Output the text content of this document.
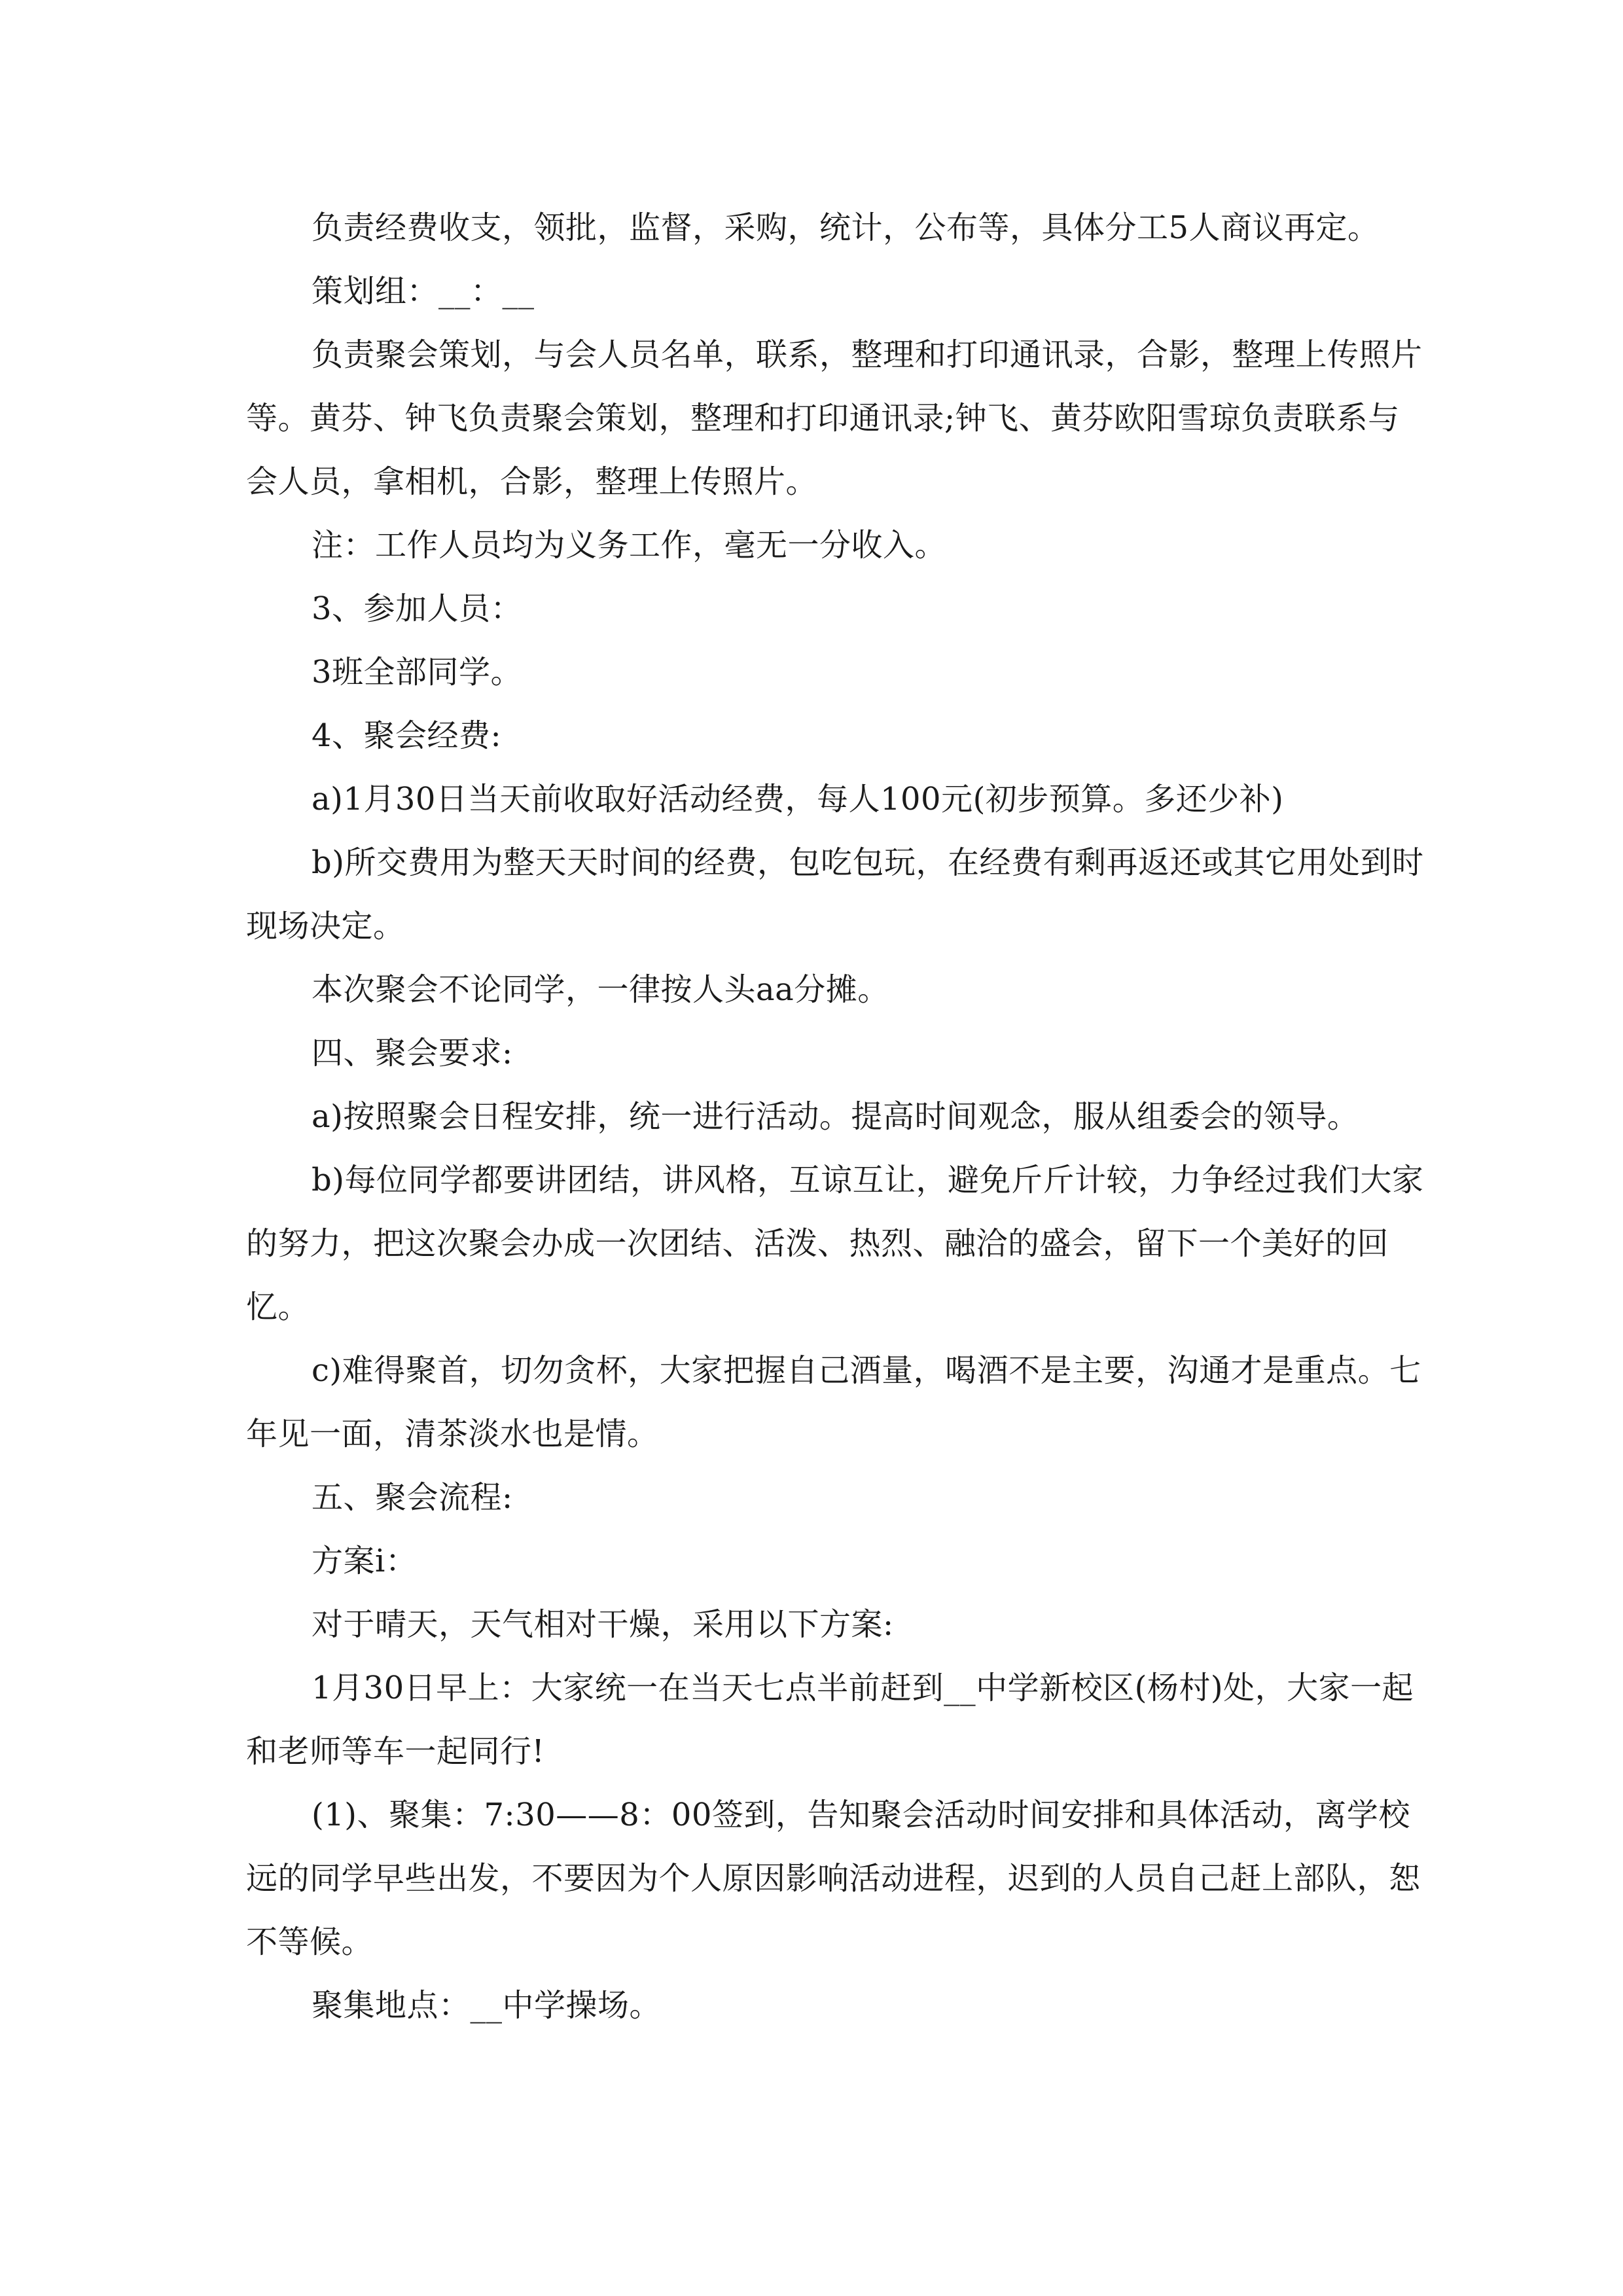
负责经费收支，领批，监督，采购，统计，公布等，具体分工5人商议再定。

策划组：__：__

负责聚会策划，与会人员名单，联系，整理和打印通讯录，合影，整理上传照片等。黄芬、钟飞负责聚会策划，整理和打印通讯录;钟飞、黄芬欧阳雪琼负责联系与会人员，拿相机，合影，整理上传照片。

注：工作人员均为义务工作，毫无一分收入。

3、参加人员：

3班全部同学。

4、聚会经费:

a)1月30日当天前收取好活动经费，每人100元(初步预算。多还少补)

b)所交费用为整天天时间的经费，包吃包玩，在经费有剩再返还或其它用处到时现场决定。

本次聚会不论同学，一律按人头aa分摊。

四、聚会要求:

a)按照聚会日程安排，统一进行活动。提高时间观念，服从组委会的领导。

b)每位同学都要讲团结，讲风格，互谅互让，避免斤斤计较，力争经过我们大家的努力，把这次聚会办成一次团结、活泼、热烈、融洽的盛会，留下一个美好的回忆。

c)难得聚首，切勿贪杯，大家把握自己酒量，喝酒不是主要，沟通才是重点。七年见一面，清茶淡水也是情。

五、聚会流程:

方案ⅰ：

对于晴天，天气相对干燥，采用以下方案:

1月30日早上：大家统一在当天七点半前赶到__中学新校区(杨村)处，大家一起和老师等车一起同行!

(1)、聚集：7:30——8：00签到，告知聚会活动时间安排和具体活动，离学校远的同学早些出发，不要因为个人原因影响活动进程，迟到的人员自己赶上部队，恕不等候。

聚集地点：__中学操场。
